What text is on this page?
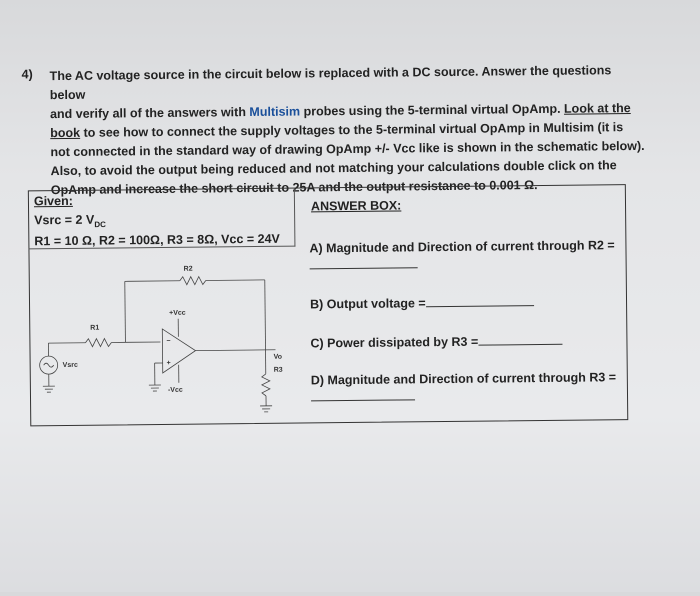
4) The AC voltage source in the circuit below is replaced with a DC source. Answer the questions below
and verify all of the answers with Multisim probes using the 5-terminal virtual OpAmp. Look at the
book to see how to connect the supply voltages to the 5-terminal virtual OpAmp in Multisim (it is
not connected in the standard way of drawing OpAmp +/- Vcc like is shown in the schematic below).
Also, to avoid the output being reduced and not matching your calculations double click on the
OpAmp and increase the short circuit to 25A and the output resistance to 0.001 Ω.
Given:
Vsrc = 2 $V_{DC}$
R1 = 10 Ω, R2 = 100Ω, R3 = 8Ω, Vcc = 24V
ANSWER BOX:
A) Magnitude and Direction of current through R2 =
B) Output voltage =
C) Power dissipated by R3 =
D) Magnitude and Direction of current through R3 =
R2
R1
+Vcc
-Vcc
Vo
R3
Vsrc
−
+
